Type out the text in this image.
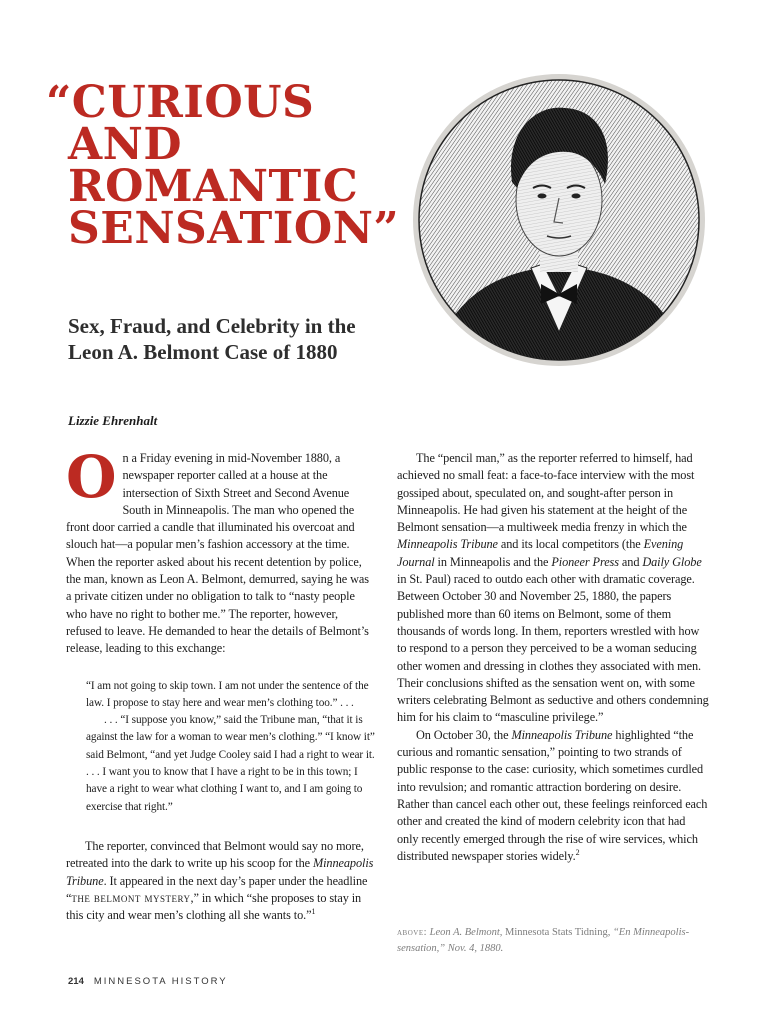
“CURIOUS
AND
ROMANTIC
SENSATION”
Sex, Fraud, and Celebrity in the
Leon A. Belmont Case of 1880

Lizzie Ehrenhalt

On a Friday evening in mid-November 1880, a newspaper reporter called at a house at the intersection of Sixth Street and Second Avenue South in Minneapolis. The man who opened the front door carried a candle that illuminated his overcoat and slouch hat—a popular men’s fashion accessory at the time. When the reporter asked about his recent detention by police, the man, known as Leon A. Belmont, demurred, saying he was a private citizen under no obligation to talk to “nasty people who have no right to bother me.” The reporter, however, refused to leave. He demanded to hear the details of Belmont’s release, leading to this exchange:

“I am not going to skip town. I am not under the sentence of the law. I propose to stay here and wear men’s clothing too.” . . .

. . . “I suppose you know,” said the Tribune man, “that it is against the law for a woman to wear men’s clothing.” “I know it” said Belmont, “and yet Judge Cooley said I had a right to wear it. . . . I want you to know that I have a right to be in this town; I have a right to wear what clothing I want to, and I am going to exercise that right.”

The reporter, convinced that Belmont would say no more, retreated into the dark to write up his scoop for the Minneapolis Tribune. It appeared in the next day’s paper under the headline “the belmont mystery,” in which “she proposes to stay in this city and wear men’s clothing all she wants to.”$^1$

The “pencil man,” as the reporter referred to himself, had achieved no small feat: a face-to-face interview with the most gossiped about, speculated on, and sought-after person in Minneapolis. He had given his statement at the height of the Belmont sensation—a multiweek media frenzy in which the Minneapolis Tribune and its local competitors (the Evening Journal in Minneapolis and the Pioneer Press and Daily Globe in St. Paul) raced to outdo each other with dramatic coverage. Between October 30 and November 25, 1880, the papers published more than 60 items on Belmont, some of them thousands of words long. In them, reporters wrestled with how to respond to a person they perceived to be a woman seducing other women and dressing in clothes they associated with men. Their conclusions shifted as the sensation went on, with some writers celebrating Belmont as seductive and others condemning him for his claim to “masculine privilege.”

On October 30, the Minneapolis Tribune highlighted “the curious and romantic sensation,” pointing to two strands of public response to the case: curiosity, which sometimes curdled into revulsion; and romantic attraction bordering on desire. Rather than cancel each other out, these feelings reinforced each other and created the kind of modern celebrity icon that had only recently emerged through the rise of wire services, which distributed newspaper stories widely.$^2$

above: Leon A. Belmont, Minnesota Stats Tidning, “En Minneapolis-sensation,” Nov. 4, 1880.
214 MINNESOTA HISTORY
